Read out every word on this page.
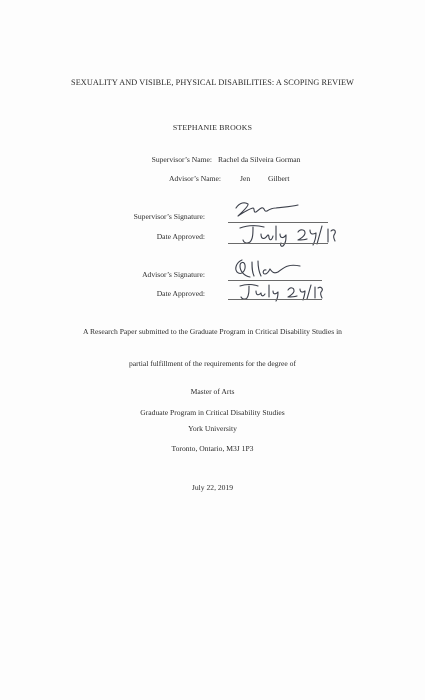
SEXUALITY AND VISIBLE, PHYSICAL DISABILITIES: A SCOPING REVIEW
STEPHANIE BROOKS
Supervisor’s Name: Rachel da Silveira Gorman
Advisor’s Name:	Jen Gilbert
Supervisor’s Signature:
Date Approved:
Advisor’s Signature:
Date Approved:
A Research Paper submitted to the Graduate Program in Critical Disability Studies in
partial fulfillment of the requirements for the degree of
Master of Arts
Graduate Program in Critical Disability Studies
York University
Toronto, Ontario, M3J 1P3
July 22, 2019
